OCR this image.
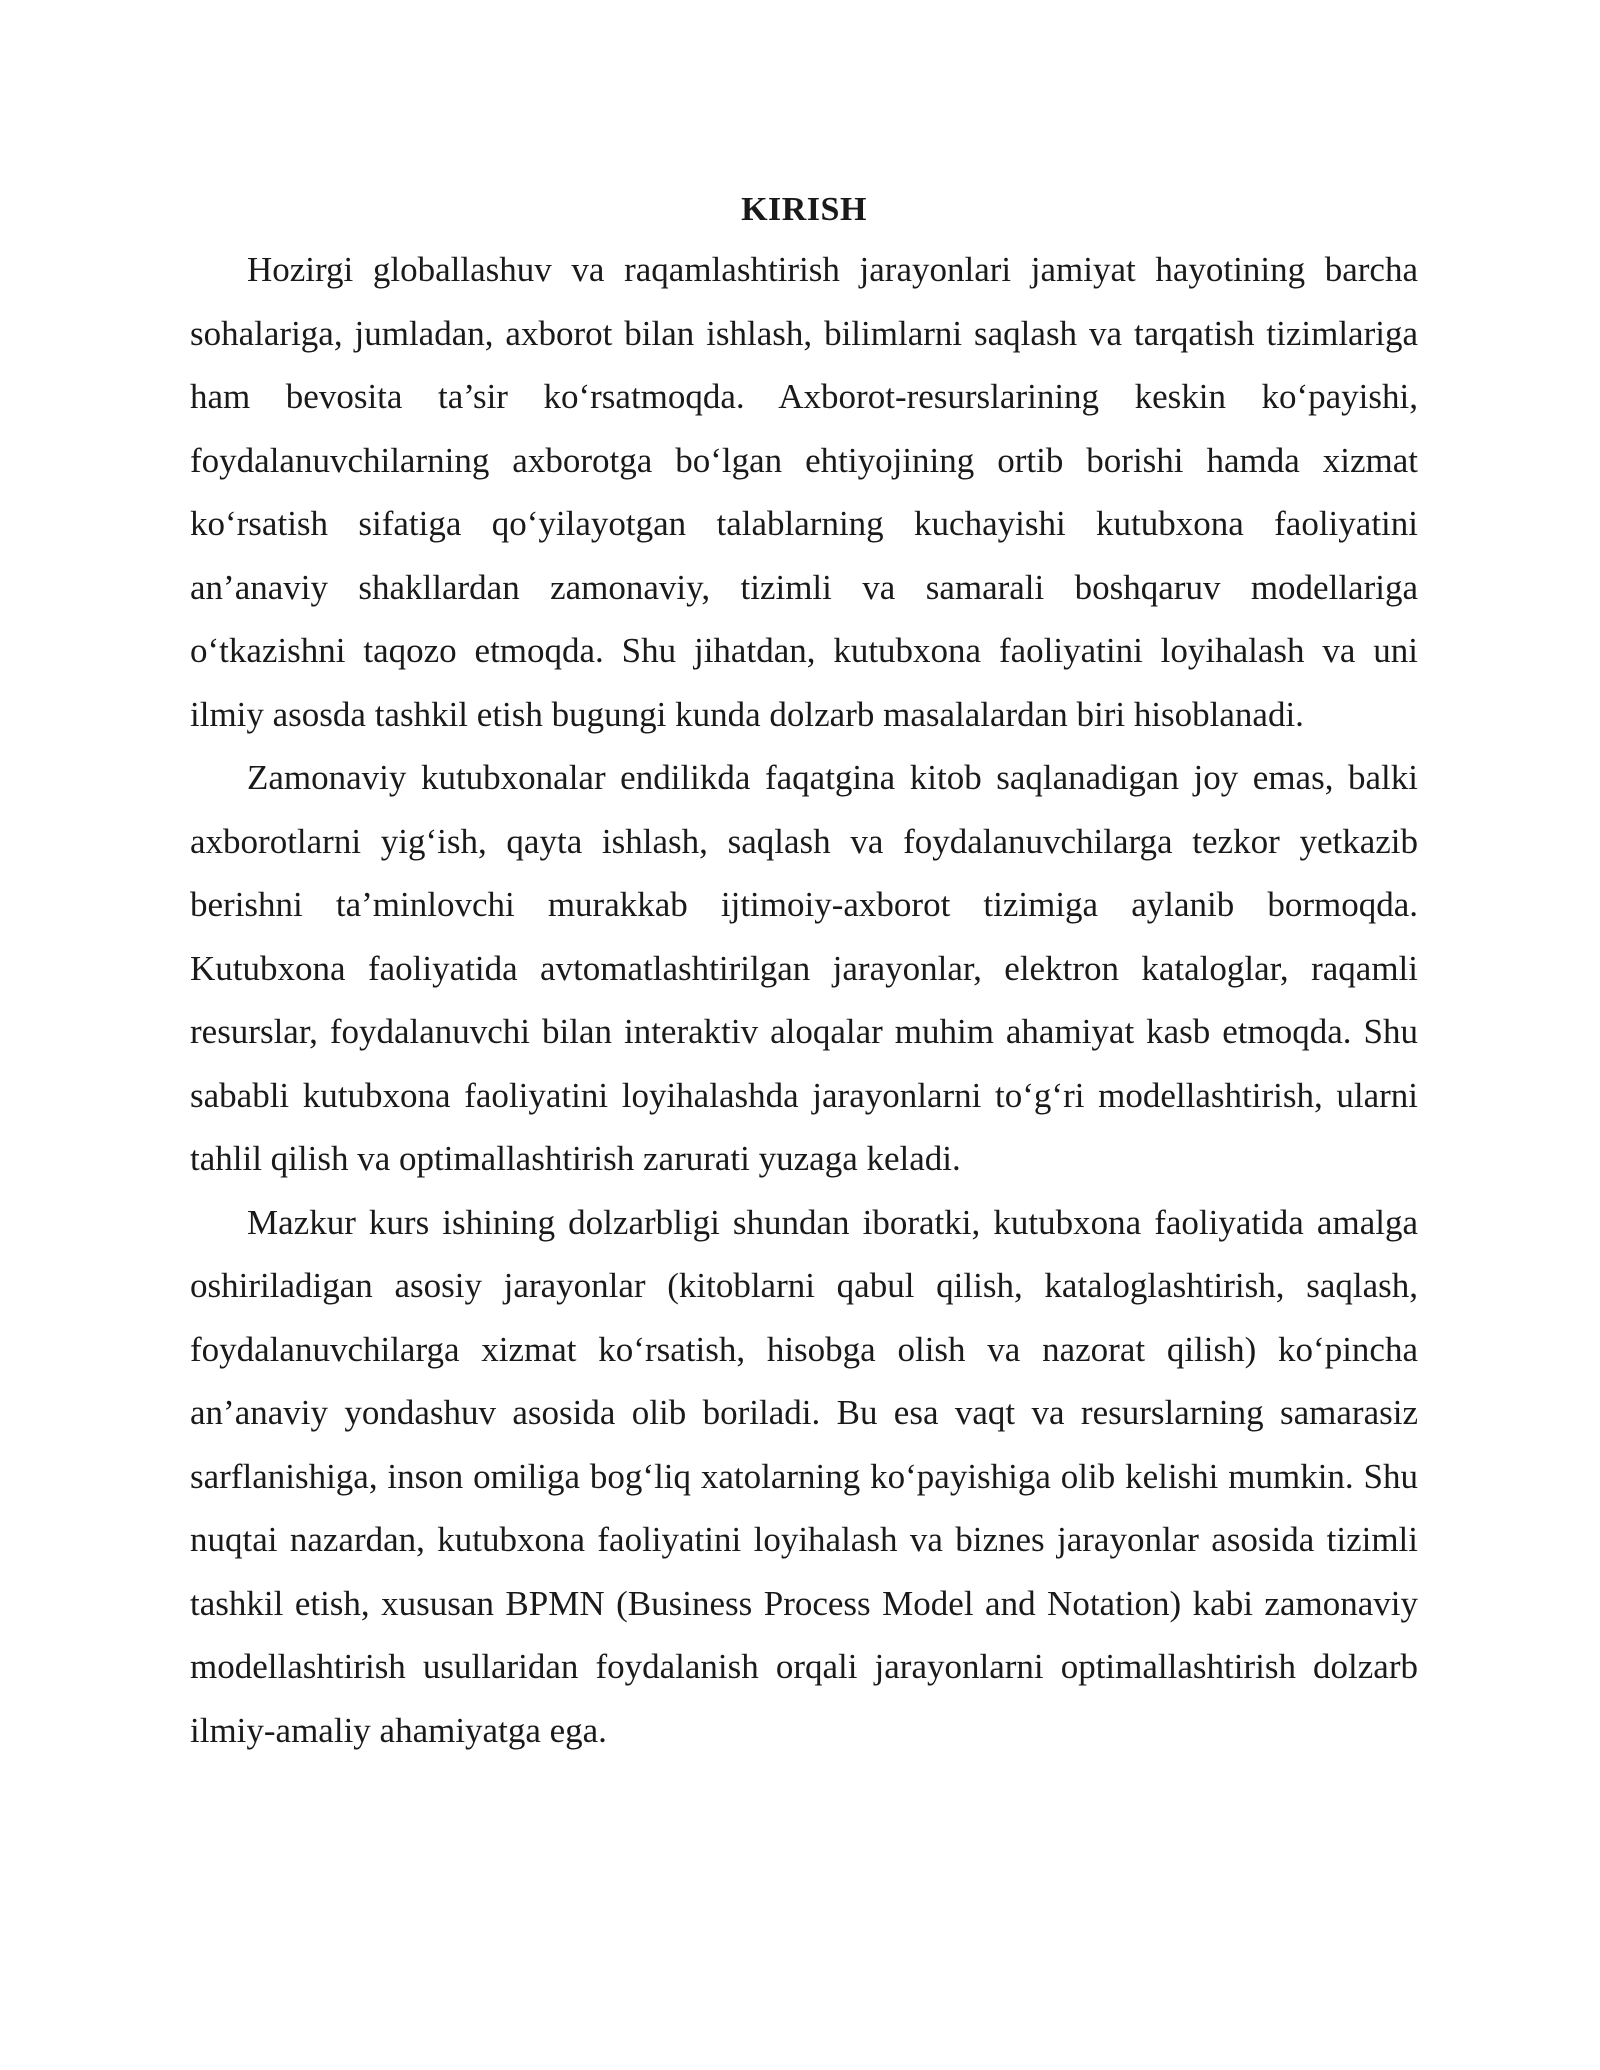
KIRISH

Hozirgi globallashuv va raqamlashtirish jarayonlari jamiyat hayotining barcha sohalariga, jumladan, axborot bilan ishlash, bilimlarni saqlash va tarqatish tizimlariga ham bevosita ta’sir ko‘rsatmoqda. Axborot-resurslarining keskin ko‘payishi, foydalanuvchilarning axborotga bo‘lgan ehtiyojining ortib borishi hamda xizmat ko‘rsatish sifatiga qo‘yilayotgan talablarning kuchayishi kutubxona faoliyatini an’anaviy shakllardan zamonaviy, tizimli va samarali boshqaruv modellariga o‘tkazishni taqozo etmoqda. Shu jihatdan, kutubxona faoliyatini loyihalash va uni ilmiy asosda tashkil etish bugungi kunda dolzarb masalalardan biri hisoblanadi.

Zamonaviy kutubxonalar endilikda faqatgina kitob saqlanadigan joy emas, balki axborotlarni yig‘ish, qayta ishlash, saqlash va foydalanuvchilarga tezkor yetkazib berishni ta’minlovchi murakkab ijtimoiy-axborot tizimiga aylanib bormoqda. Kutubxona faoliyatida avtomatlashtirilgan jarayonlar, elektron kataloglar, raqamli resurslar, foydalanuvchi bilan interaktiv aloqalar muhim ahamiyat kasb etmoqda. Shu sababli kutubxona faoliyatini loyihalashda jarayonlarni to‘g‘ri modellashtirish, ularni tahlil qilish va optimallashtirish zarurati yuzaga keladi.

Mazkur kurs ishining dolzarbligi shundan iboratki, kutubxona faoliyatida amalga oshiriladigan asosiy jarayonlar (kitoblarni qabul qilish, kataloglashtirish, saqlash, foydalanuvchilarga xizmat ko‘rsatish, hisobga olish va nazorat qilish) ko‘pincha an’anaviy yondashuv asosida olib boriladi. Bu esa vaqt va resurslarning samarasiz sarflanishiga, inson omiliga bog‘liq xatolarning ko‘payishiga olib kelishi mumkin. Shu nuqtai nazardan, kutubxona faoliyatini loyihalash va biznes jarayonlar asosida tizimli tashkil etish, xususan BPMN (Business Process Model and Notation) kabi zamonaviy modellashtirish usullaridan foydalanish orqali jarayonlarni optimallashtirish dolzarb ilmiy-amaliy ahamiyatga ega.
